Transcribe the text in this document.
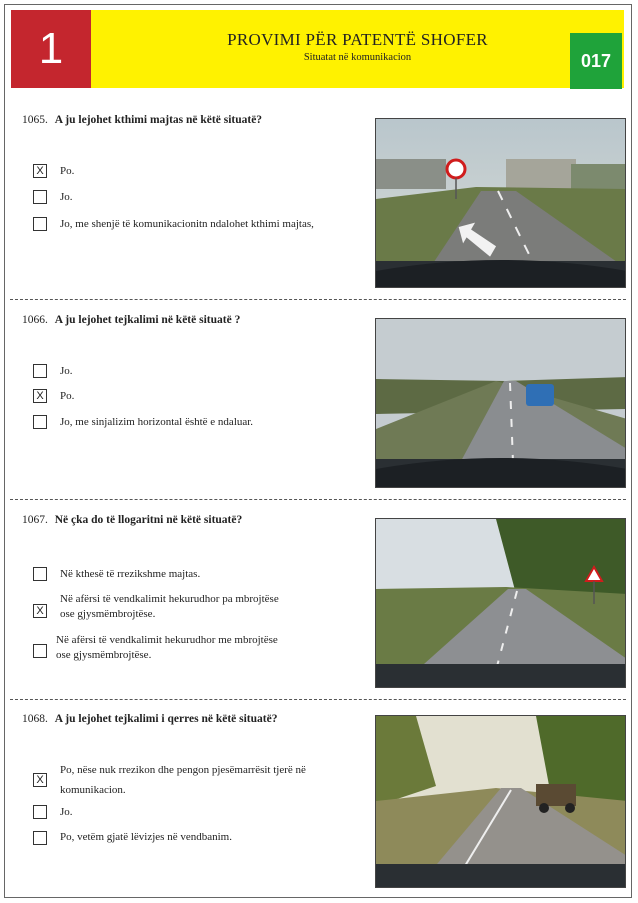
1	PROVIMI PËR PATENTË SHOFER
Situatat në komunikacion	017
1065. A ju lejohet kthimi majtas në këtë situatë?
X	Po.
Jo.
Jo, me shenjë të komunikacionitn ndalohet kthimi majtas,
1066. A ju lejohet tejkalimi në këtë situatë ?
Jo.
X	Po.
Jo, me sinjalizim horizontal është e ndaluar.
1067. Në çka do të llogaritni në këtë situatë?
Në kthesë të rrezikshme majtas.
X
Në afërsi të vendkalimit hekurudhor pa mbrojtëse
ose gjysmëmbrojtëse.
Në afërsi të vendkalimit hekurudhor me mbrojtëse
ose gjysmëmbrojtëse.
1068. A ju lejohet tejkalimi i qerres në këtë situatë?
X
Po, nëse nuk rrezikon dhe pengon pjesëmarrësit tjerë në
komunikacion.
Jo.
Po, vetëm gjatë lëvizjes në vendbanim.
